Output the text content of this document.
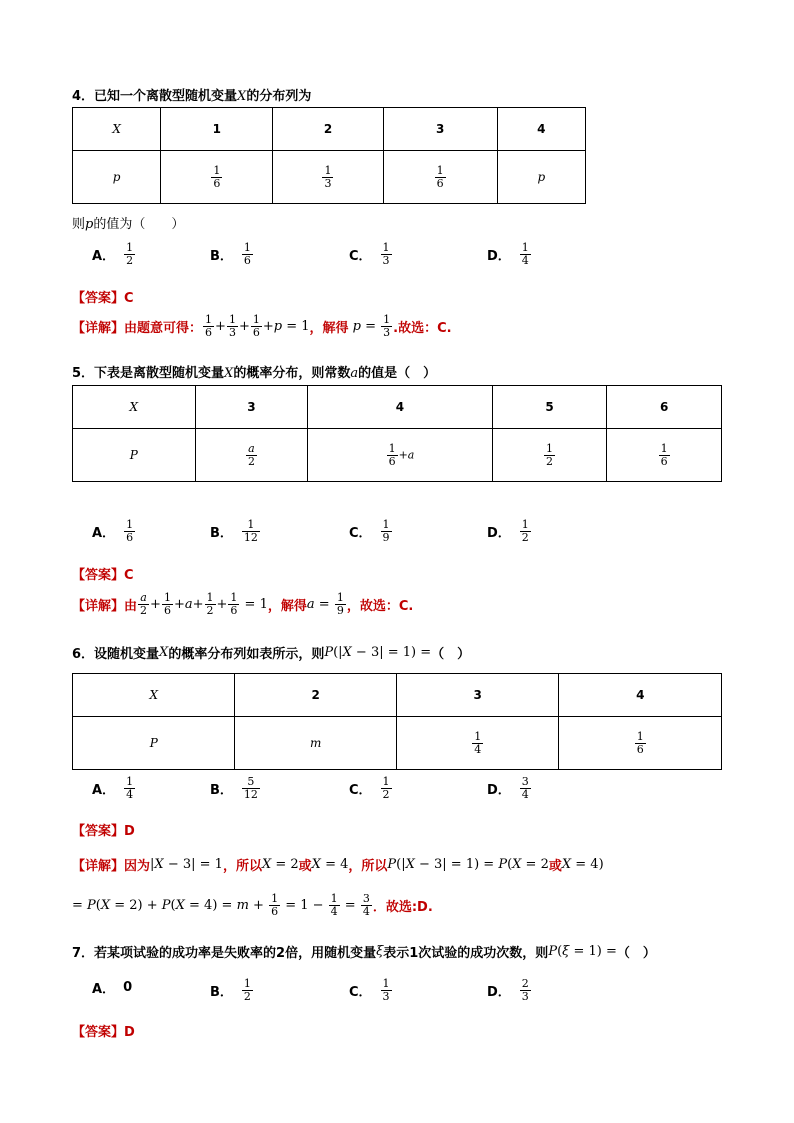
4．已知一个离散型随机变量X的分布列为
X	1	2	3	4
p	$\frac{1}{6}$	$\frac{1}{3}$	$\frac{1}{6}$	p
则p的值为（　　）
A． $\frac{1}{2}$	B． $\frac{1}{6}$	C． $\frac{1}{3}$	D． $\frac{1}{4}$
【答案】C
【详解】 由题意可得： $\frac{1}{6} + \frac{1}{3} + \frac{1}{6} + p = 1$ ，解得 $p = \frac{1}{3}$ .故选：C.
5．下表是离散型随机变量X的概率分布，则常数a的值是（　）
X	3	4	5	6
P	$\frac{a}{2}$	$\frac{1}{6} +a$	$\frac{1}{2}$	$\frac{1}{6}$
A． $\frac{1}{6}$	B． $\frac{1}{12}$	C． $\frac{1}{9}$	D． $\frac{1}{2}$
【答案】C
【详解】 由 $\frac{a}{2} + \frac{1}{6} + a + \frac{1}{2} + \frac{1}{6} = 1$ ，解得 $a = \frac{1}{9}$ ，故选：C.
6．设随机变量 X 的概率分布列如表所示，则 P (| X − 3| = 1) = （　）
X	2	3	4
P	m	$\frac{1}{4}$	$\frac{1}{6}$
A． $\frac{1}{4}$	B． $\frac{5}{12}$	C． $\frac{1}{2}$	D． $\frac{3}{4}$
【答案】D
【详解】 因为 | X − 3| = 1 ，所以 X = 2 或 X = 4 ，所以 P (| X − 3| = 1) = P ( X = 2 或 X = 4)
= P ( X = 2) + P ( $X = 4) = m + \frac{1}{6} = 1 - \frac{1}{4} = \frac{3}{4}$ ．故选:D.
7．若某项试验的成功率是失败率的2倍，用随机变量 ξ 表示1次试验的成功次数，则 P ( ξ = 1) = （　）
A． 0	B． $\frac{1}{2}$	C． $\frac{1}{3}$	D． $\frac{2}{3}$
【答案】D
